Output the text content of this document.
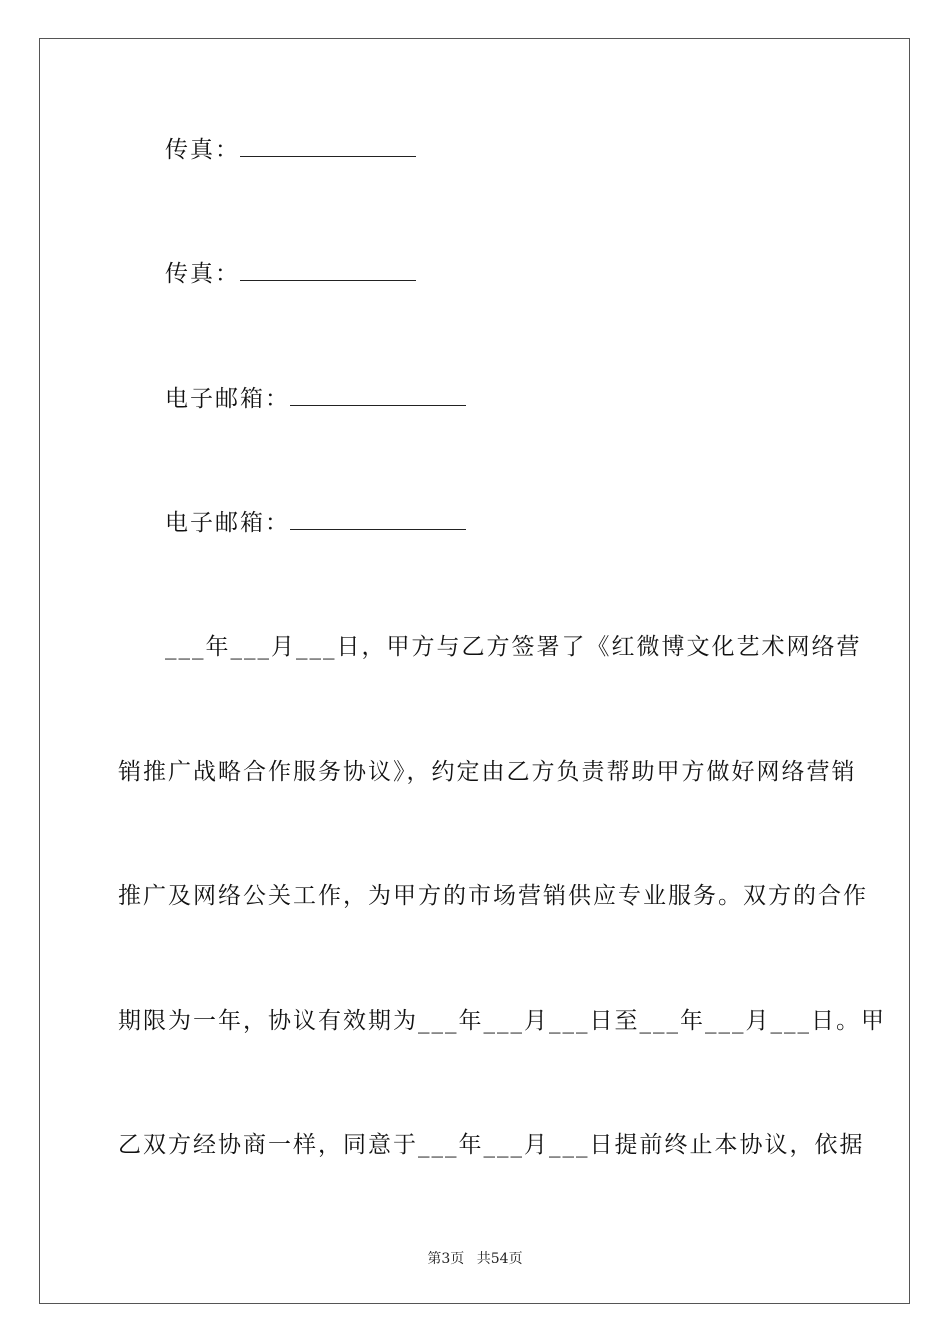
传真：
传真：
电子邮箱：
电子邮箱：
___年___月___日，甲方与乙方签署了《红微博文化艺术网络营
销推广战略合作服务协议》，约定由乙方负责帮助甲方做好网络营销
推广及网络公关工作，为甲方的市场营销供应专业服务。双方的合作
期限为一年，协议有效期为___年___月___日至___年___月___日。甲
乙双方经协商一样，同意于___年___月___日提前终止本协议，依据
第3页 共54页
